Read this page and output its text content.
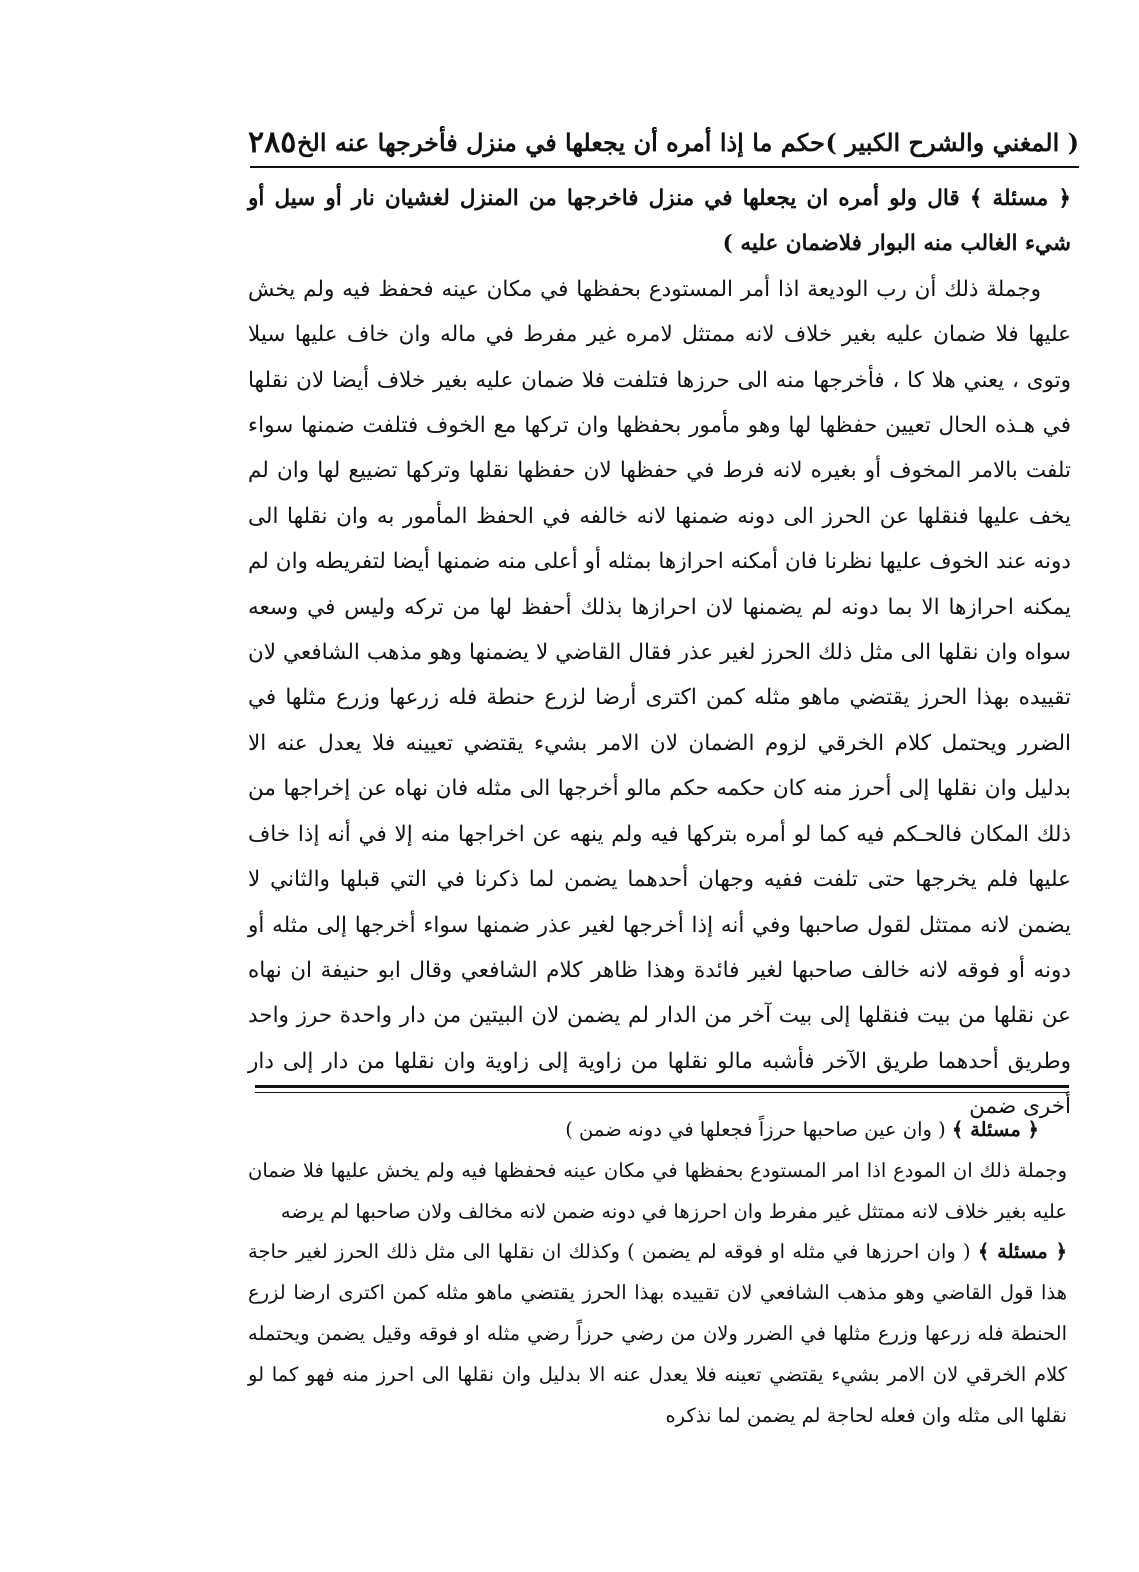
( المغني والشرح الكبير )
حكم ما إذا أمره أن يجعلها في منزل فأخرجها عنه الخ
٢٨٥

﴿ مسئلة ﴾ قال ولو أمره ان يجعلها في منزل فاخرجها من المنزل لغشيان نار أو سيل أو شيء الغالب منه البوار فلاضمان عليه )

وجملة ذلك أن رب الوديعة اذا أمر المستودع بحفظها في مكان عينه فحفظ فيه ولم يخش عليها فلا ضمان عليه بغير خلاف لانه ممتثل لامره غير مفرط في ماله وان خاف عليها سيلا وتوى ، يعني هلا كا ، فأخرجها منه الى حرزها فتلفت فلا ضمان عليه بغير خلاف أيضا لان نقلها في هـذه الحال تعيين حفظها لها وهو مأمور بحفظها وان تركها مع الخوف فتلفت ضمنها سواء تلفت بالامر المخوف أو بغيره لانه فرط في حفظها لان حفظها نقلها وتركها تضييع لها وان لم يخف عليها فنقلها عن الحرز الى دونه ضمنها لانه خالفه في الحفظ المأمور به وان نقلها الى دونه عند الخوف عليها نظرنا فان أمكنه احرازها بمثله أو أعلى منه ضمنها أيضا لتفريطه وان لم يمكنه احرازها الا بما دونه لم يضمنها لان احرازها بذلك أحفظ لها من تركه وليس في وسعه سواه وان نقلها الى مثل ذلك الحرز لغير عذر فقال القاضي لا يضمنها وهو مذهب الشافعي لان تقييده بهذا الحرز يقتضي ماهو مثله كمن اكترى أرضا لزرع حنطة فله زرعها وزرع مثلها في الضرر ويحتمل كلام الخرقي لزوم الضمان لان الامر بشيء يقتضي تعيينه فلا يعدل عنه الا بدليل وان نقلها إلى أحرز منه كان حكمه حكم مالو أخرجها الى مثله فان نهاه عن إخراجها من ذلك المكان فالحـكم فيه كما لو أمره بتركها فيه ولم ينهه عن اخراجها منه إلا في أنه إذا خاف عليها فلم يخرجها حتى تلفت ففيه وجهان أحدهما يضمن لما ذكرنا في التي قبلها والثاني لا يضمن لانه ممتثل لقول صاحبها وفي أنه إذا أخرجها لغير عذر ضمنها سواء أخرجها إلى مثله أو دونه أو فوقه لانه خالف صاحبها لغير فائدة وهذا ظاهر كلام الشافعي وقال ابو حنيفة ان نهاه عن نقلها من بيت فنقلها إلى بيت آخر من الدار لم يضمن لان البيتين من دار واحدة حرز واحد وطريق أحدهما طريق الآخر فأشبه مالو نقلها من زاوية إلى زاوية وان نقلها من دار إلى دار أخرى ضمن

﴿ مسئلة ﴾ ( وان عين صاحبها حرزاً فجعلها في دونه ضمن )

وجملة ذلك ان المودع اذا امر المستودع بحفظها في مكان عينه فحفظها فيه ولم يخش عليها فلا ضمان عليه بغير خلاف لانه ممتثل غير مفرط وان احرزها في دونه ضمن لانه مخالف ولان صاحبها لم يرضه

﴿ مسئلة ﴾ ( وان احرزها في مثله او فوقه لم يضمن ) وكذلك ان نقلها الى مثل ذلك الحرز لغير حاجة هذا قول القاضي وهو مذهب الشافعي لان تقييده بهذا الحرز يقتضي ماهو مثله كمن اكترى ارضا لزرع الحنطة فله زرعها وزرع مثلها في الضرر ولان من رضي حرزاً رضي مثله او فوقه وقيل يضمن ويحتمله كلام الخرقي لان الامر بشيء يقتضي تعينه فلا يعدل عنه الا بدليل وان نقلها الى احرز منه فهو كما لو نقلها الى مثله وان فعله لحاجة لم يضمن لما نذكره
